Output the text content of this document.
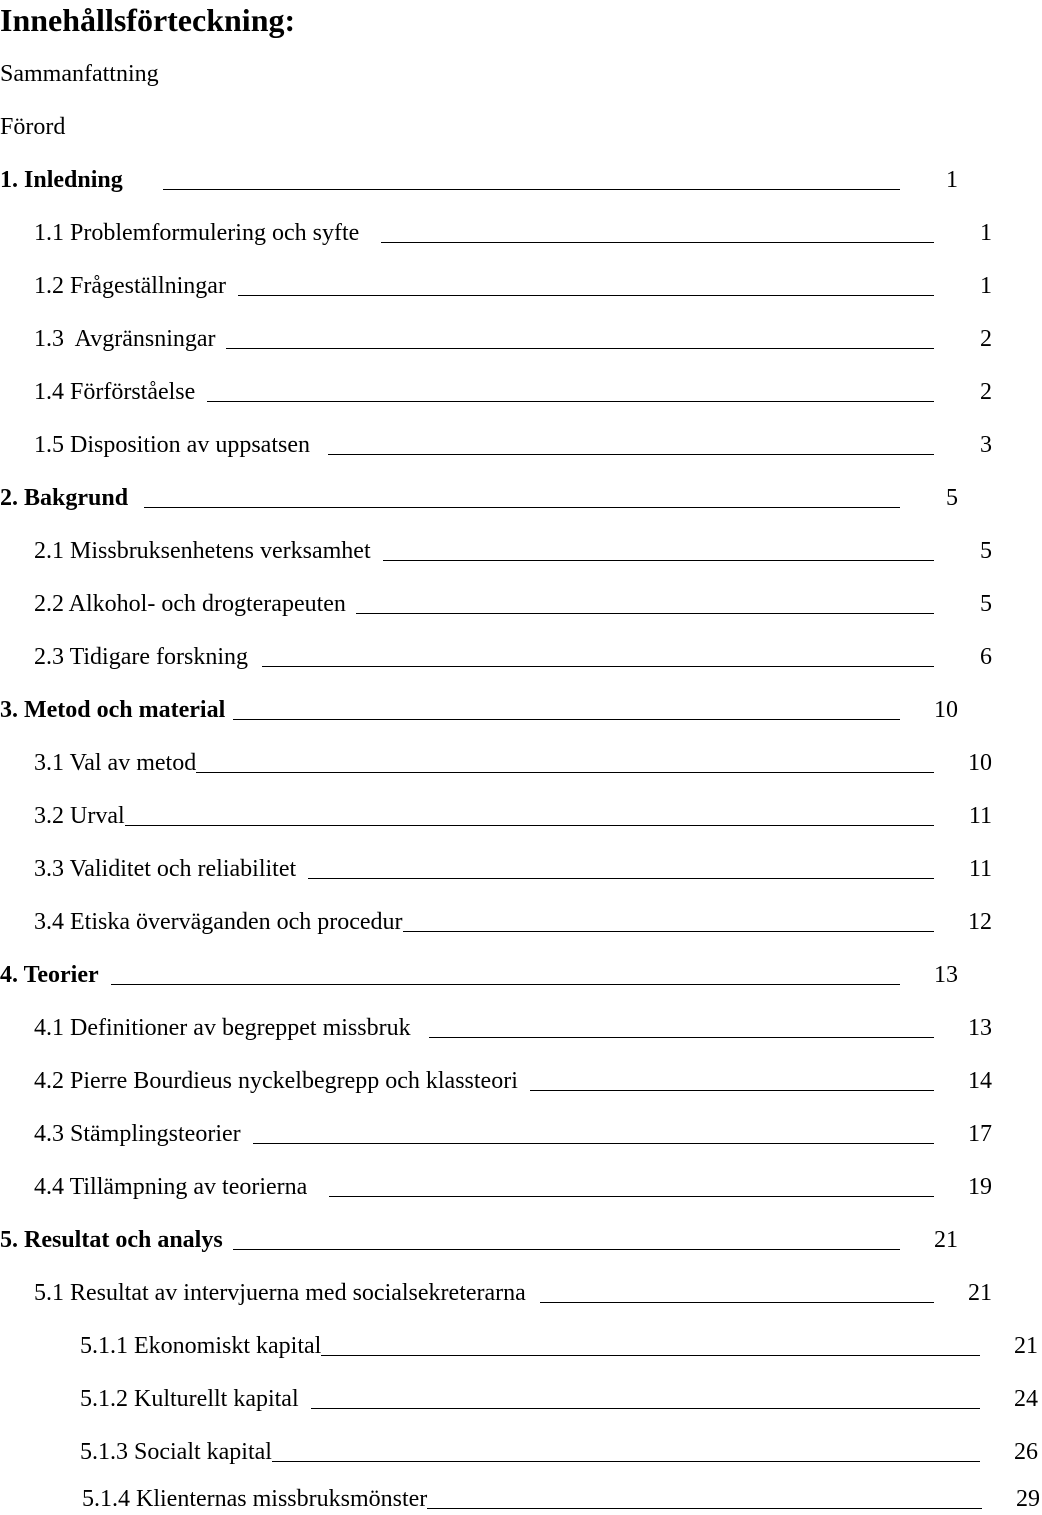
Innehållsförteckning:
Sammanfattning
Förord
1. Inledning	1
1.1 Problemformulering och syfte	1
1.2 Frågeställningar	1
1.3  Avgränsningar	2
1.4 Förförståelse	2
1.5 Disposition av uppsatsen	3
2. Bakgrund	5
2.1 Missbruksenhetens verksamhet	5
2.2 Alkohol- och drogterapeuten	5
2.3 Tidigare forskning	6
3. Metod och material	10
3.1 Val av metod	10
3.2 Urval	11
3.3 Validitet och reliabilitet	11
3.4 Etiska överväganden och procedur	12
4. Teorier	13
4.1 Definitioner av begreppet missbruk	13
4.2 Pierre Bourdieus nyckelbegrepp och klassteori	14
4.3 Stämplingsteorier	17
4.4 Tillämpning av teorierna	19
5. Resultat och analys	21
5.1 Resultat av intervjuerna med socialsekreterarna	21
5.1.1 Ekonomiskt kapital	21
5.1.2 Kulturellt kapital	24
5.1.3 Socialt kapital	26
5.1.4 Klienternas missbruksmönster	29
